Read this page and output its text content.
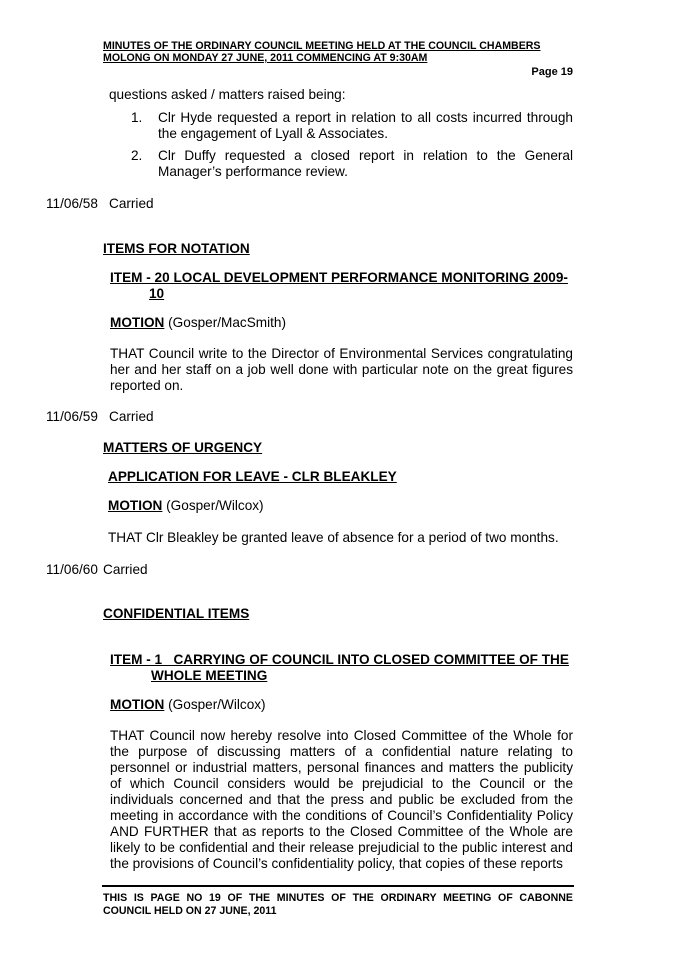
MINUTES OF THE ORDINARY COUNCIL MEETING HELD AT THE COUNCIL CHAMBERS
MOLONG ON MONDAY 27 JUNE, 2011 COMMENCING AT 9:30AM
Page 19
questions asked / matters raised being:
1. Clr Hyde requested a report in relation to all costs incurred through the engagement of Lyall & Associates.
2. Clr Duffy requested a closed report in relation to the General Manager’s performance review.
11/06/58 Carried
ITEMS FOR NOTATION
ITEM - 20 LOCAL DEVELOPMENT PERFORMANCE MONITORING 2009-
10
MOTION (Gosper/MacSmith)
THAT Council write to the Director of Environmental Services congratulating her and her staff on a job well done with particular note on the great figures reported on.
11/06/59 Carried
MATTERS OF URGENCY
APPLICATION FOR LEAVE - CLR BLEAKLEY
MOTION (Gosper/Wilcox)
THAT Clr Bleakley be granted leave of absence for a period of two months.
11/06/60 Carried
CONFIDENTIAL ITEMS
ITEM - 1   CARRYING OF COUNCIL INTO CLOSED COMMITTEE OF THE
WHOLE MEETING
MOTION (Gosper/Wilcox)
THAT Council now hereby resolve into Closed Committee of the Whole for the purpose of discussing matters of a confidential nature relating to personnel or industrial matters, personal finances and matters the publicity of which Council considers would be prejudicial to the Council or the individuals concerned and that the press and public be excluded from the meeting in accordance with the conditions of Council’s Confidentiality Policy AND FURTHER that as reports to the Closed Committee of the Whole are likely to be confidential and their release prejudicial to the public interest and the provisions of Council’s confidentiality policy, that copies of these reports
THIS IS PAGE NO 19 OF THE MINUTES OF THE ORDINARY MEETING OF CABONNE COUNCIL HELD ON 27 JUNE, 2011
